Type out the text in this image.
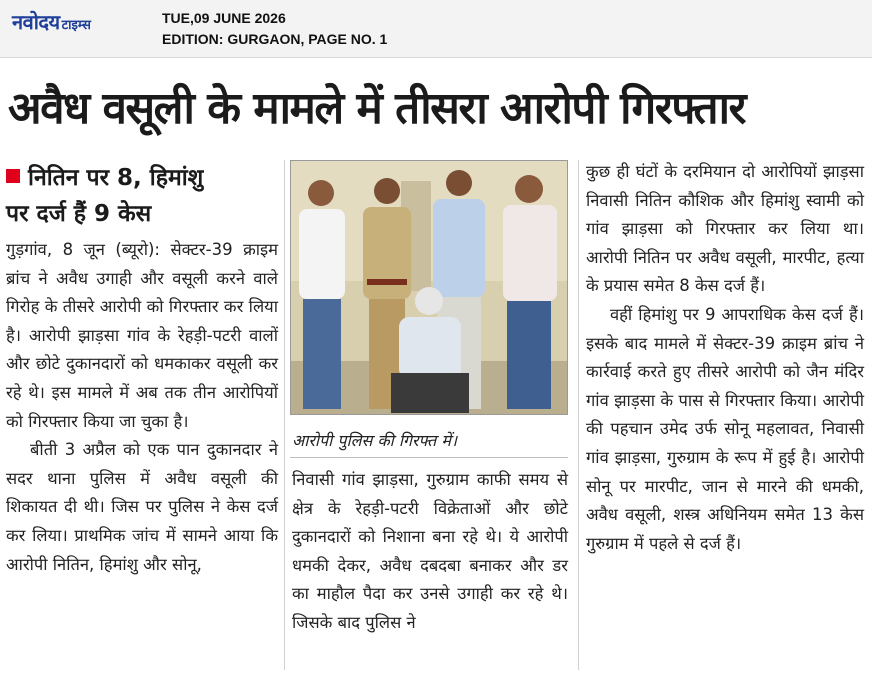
नवोदय टाइम्स	TUE,09 JUNE 2026
EDITION: GURGAON, PAGE NO. 1
अवैध वसूली के मामले में तीसरा आरोपी गिरफ्तार
नितिन पर 8, हिमांशु
पर दर्ज हैं 9 केस

गुड़गांव, 8 जून (ब्यूरो): सेक्टर-39 क्राइम ब्रांच ने अवैध उगाही और वसूली करने वाले गिरोह के तीसरे आरोपी को गिरफ्तार कर लिया है। आरोपी झाड़सा गांव के रेहड़ी-पटरी वालों और छोटे दुकानदारों को धमकाकर वसूली कर रहे थे। इस मामले में अब तक तीन आरोपियों को गिरफ्तार किया जा चुका है।

बीती 3 अप्रैल को एक पान दुकानदार ने सदर थाना पुलिस में अवैध वसूली की शिकायत दी थी। जिस पर पुलिस ने केस दर्ज कर लिया। प्राथमिक जांच में सामने आया कि आरोपी नितिन, हिमांशु और सोनू,

आरोपी पुलिस की गिरफ्त में।

निवासी गांव झाड़सा, गुरुग्राम काफी समय से क्षेत्र के रेहड़ी-पटरी विक्रेताओं और छोटे दुकानदारों को निशाना बना रहे थे। ये आरोपी धमकी देकर, अवैध दबदबा बनाकर और डर का माहौल पैदा कर उनसे उगाही कर रहे थे। जिसके बाद पुलिस ने

कुछ ही घंटों के दरमियान दो आरोपियों झाड़सा निवासी नितिन कौशिक और हिमांशु स्वामी को गांव झाड़सा को गिरफ्तार कर लिया था। आरोपी नितिन पर अवैध वसूली, मारपीट, हत्या के प्रयास समेत 8 केस दर्ज हैं।

वहीं हिमांशु पर 9 आपराधिक केस दर्ज हैं। इसके बाद मामले में सेक्टर-39 क्राइम ब्रांच ने कार्रवाई करते हुए तीसरे आरोपी को जैन मंदिर गांव झाड़सा के पास से गिरफ्तार किया। आरोपी की पहचान उमेद उर्फ सोनू महलावत, निवासी गांव झाड़सा, गुरुग्राम के रूप में हुई है। आरोपी सोनू पर मारपीट, जान से मारने की धमकी, अवैध वसूली, शस्त्र अधिनियम समेत 13 केस गुरुग्राम में पहले से दर्ज हैं।
